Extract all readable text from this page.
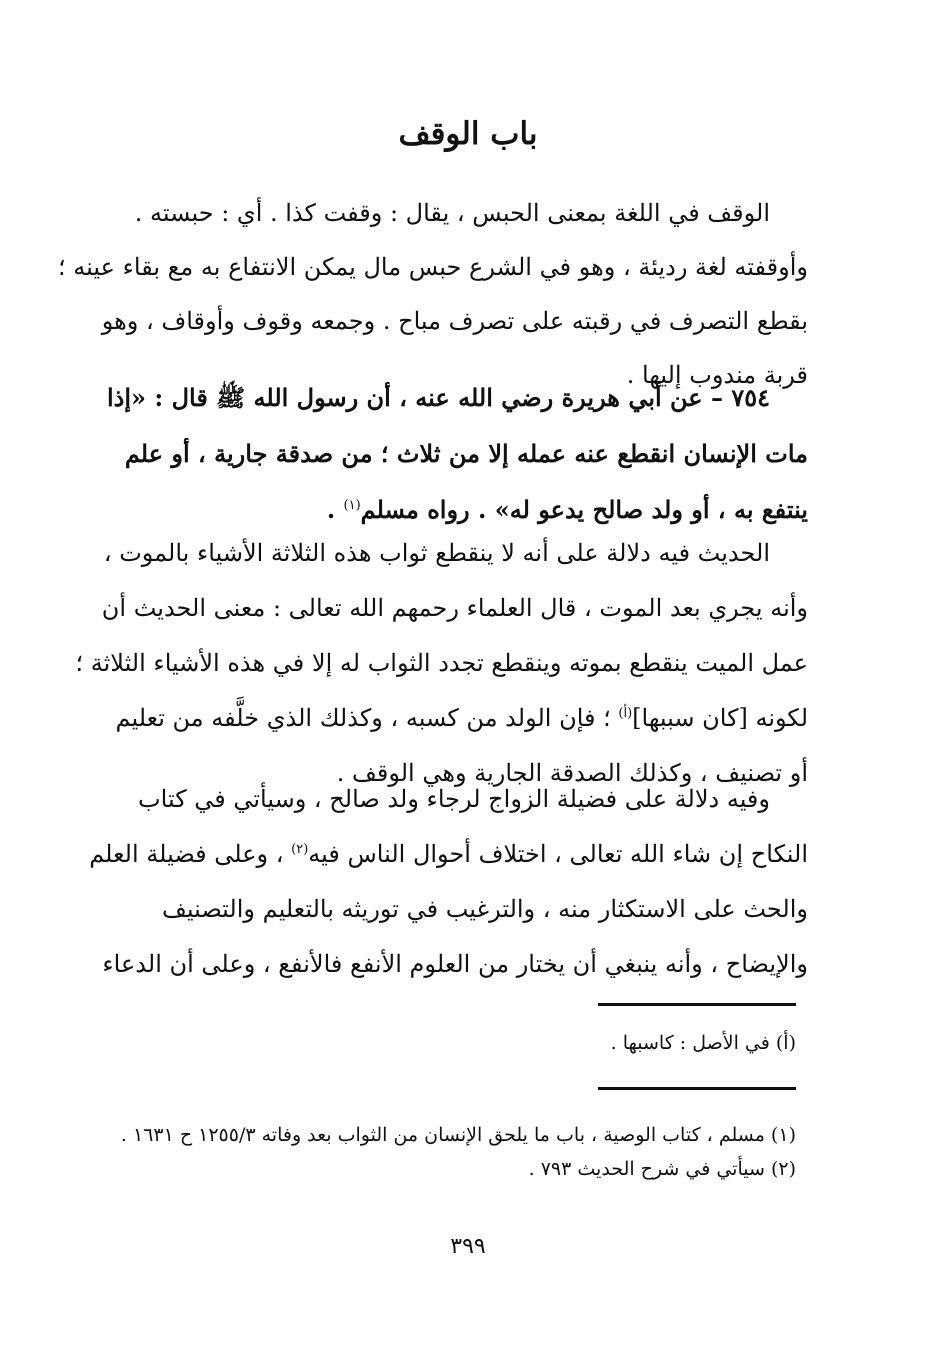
باب الوقف
الوقف في اللغة بمعنى الحبس ، يقال : وقفت كذا . أي : حبسته .
وأوقفته لغة رديئة ، وهو في الشرع حبس مال يمكن الانتفاع به مع بقاء عينه ؛
بقطع التصرف في رقبته على تصرف مباح . وجمعه وقوف وأوقاف ، وهو
قربة مندوب إليها .
٧٥٤ – عن أبي هريرة رضي الله عنه ، أن رسول الله ﷺ قال : «إذا
مات الإنسان انقطع عنه عمله إلا من ثلاث ؛ من صدقة جارية ، أو علم
ينتفع به ، أو ولد صالح يدعو له» . رواه مسلم$^{(١)}$ .
الحديث فيه دلالة على أنه لا ينقطع ثواب هذه الثلاثة الأشياء بالموت ،
وأنه يجري بعد الموت ، قال العلماء رحمهم الله تعالى : معنى الحديث أن
عمل الميت ينقطع بموته وينقطع تجدد الثواب له إلا في هذه الأشياء الثلاثة ؛
لكونه [كان سببها]$^{(أ)}$ ؛ فإن الولد من كسبه ، وكذلك الذي خلَّفه من تعليم
أو تصنيف ، وكذلك الصدقة الجارية وهي الوقف .
وفيه دلالة على فضيلة الزواج لرجاء ولد صالح ، وسيأتي في كتاب
النكاح إن شاء الله تعالى ، اختلاف أحوال الناس فيه$^{(٢)}$ ، وعلى فضيلة العلم
والحث على الاستكثار منه ، والترغيب في توريثه بالتعليم والتصنيف
والإيضاح ، وأنه ينبغي أن يختار من العلوم الأنفع فالأنفع ، وعلى أن الدعاء
(أ) في الأصل : كاسبها .
(١) مسلم ، كتاب الوصية ، باب ما يلحق الإنسان من الثواب بعد وفاته ١٢٥٥/٣ ح ١٦٣١ .
(٢) سيأتي في شرح الحديث ٧٩٣ .
٣٩٩
